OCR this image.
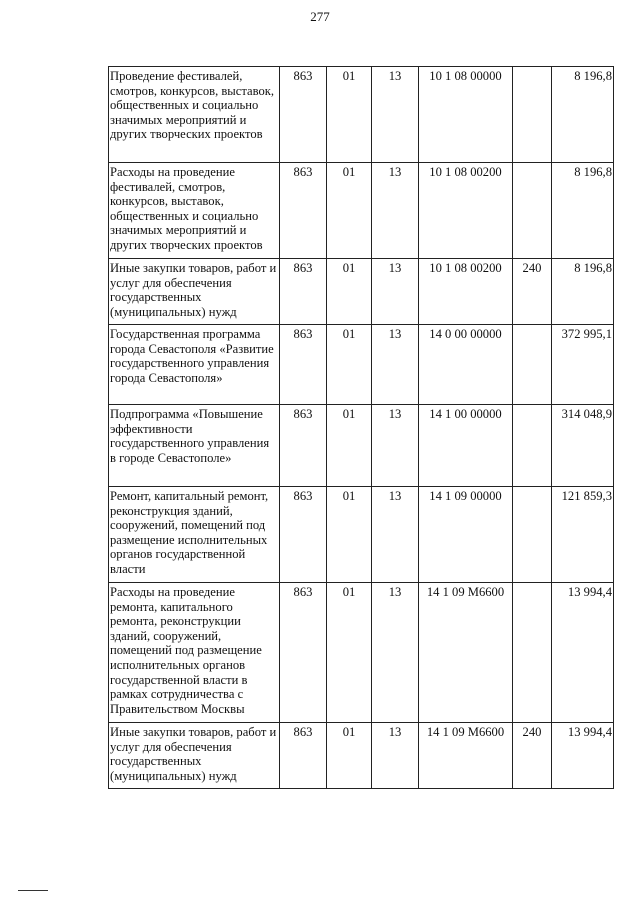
277
Проведение фестивалей, смотров, конкурсов, выставок, общественных и социально значимых мероприятий и других творческих проектов	863	01	13	10 1 08 00000		8 196,8
Расходы на проведение фестивалей, смотров, конкурсов, выставок, общественных и социально значимых мероприятий и других творческих проектов	863	01	13	10 1 08 00200		8 196,8
Иные закупки товаров, работ и услуг для обеспечения государственных (муниципальных) нужд	863	01	13	10 1 08 00200	240	8 196,8
Государственная программа города Севастополя «Развитие государственного управления города Севастополя»	863	01	13	14 0 00 00000		372 995,1
Подпрограмма «Повышение эффективности государственного управления в городе Севастополе»	863	01	13	14 1 00 00000		314 048,9
Ремонт, капитальный ремонт, реконструкция зданий, сооружений, помещений под размещение исполнительных органов государственной власти	863	01	13	14 1 09 00000		121 859,3
Расходы на проведение ремонта, капитального ремонта, реконструкции зданий, сооружений, помещений под размещение исполнительных органов государственной власти в рамках сотрудничества с Правительством Москвы	863	01	13	14 1 09 М6600		13 994,4
Иные закупки товаров, работ и услуг для обеспечения государственных (муниципальных) нужд	863	01	13	14 1 09 М6600	240	13 994,4
